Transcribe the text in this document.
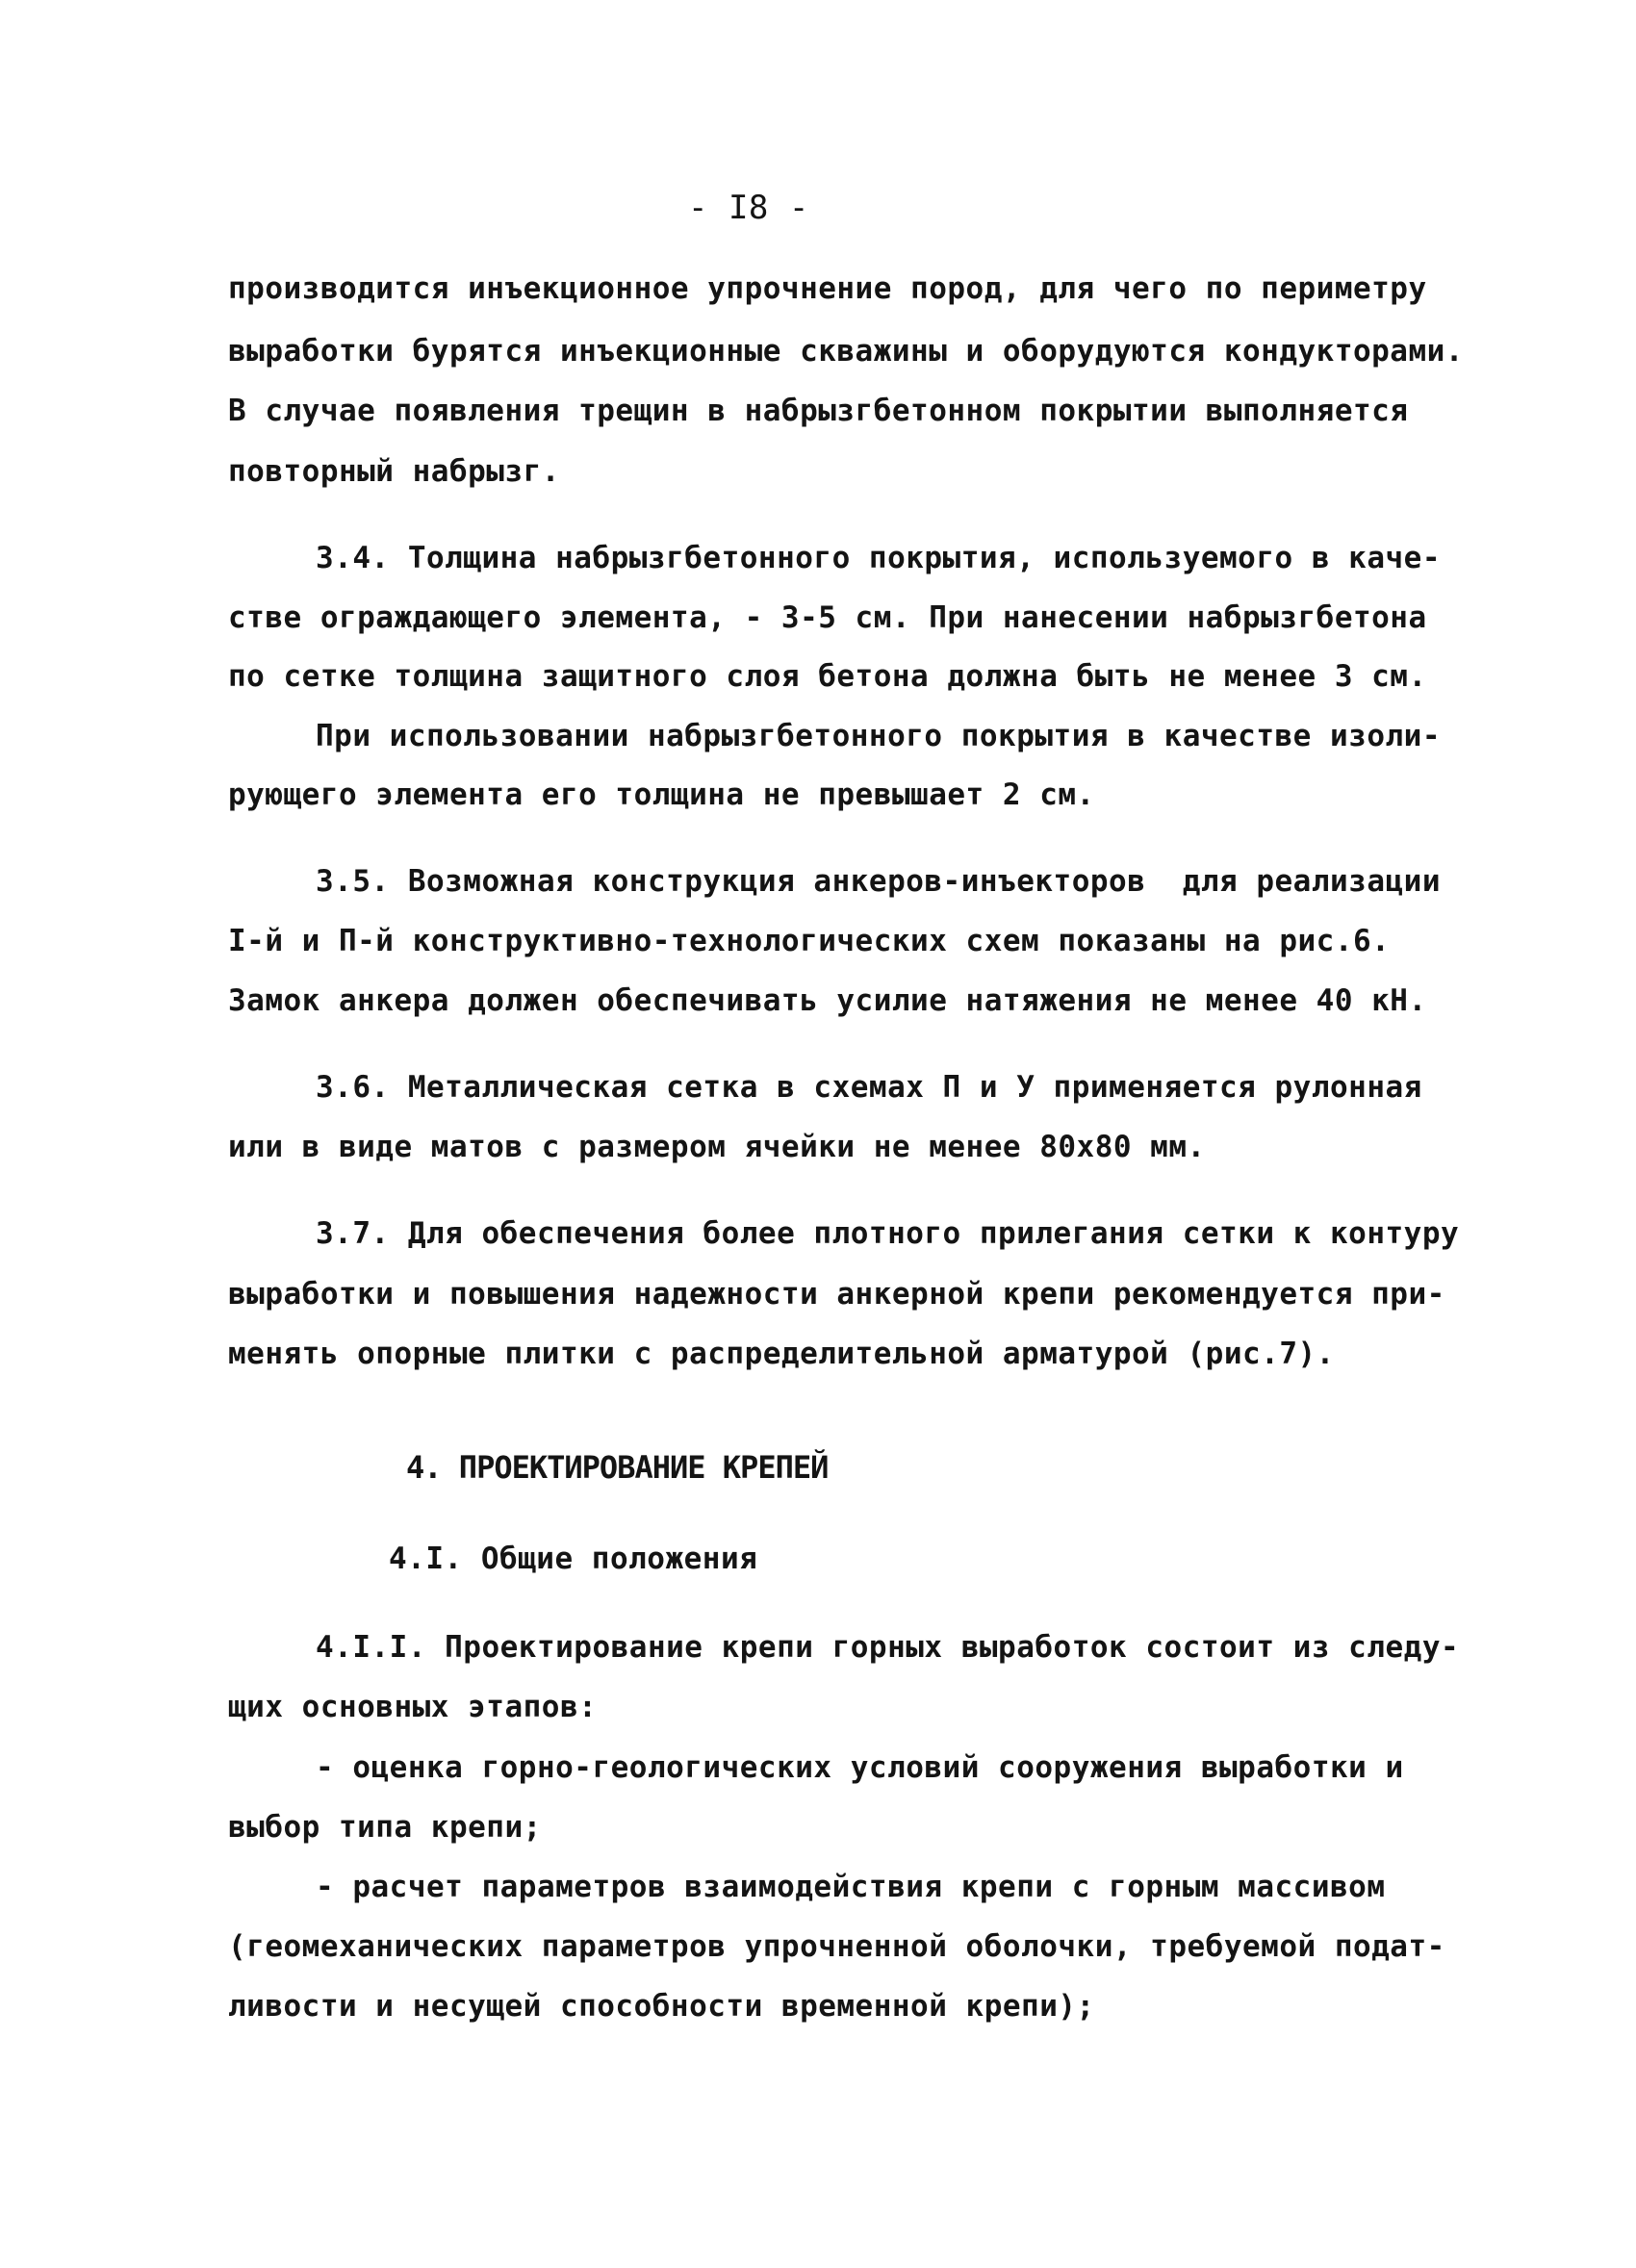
- I8 -
производится инъекционное упрочнение пород, для чего по периметру
выработки бурятся инъекционные скважины и оборудуются кондукторами.
В случае появления трещин в набрызгбетонном покрытии выполняется
повторный набрызг.
3.4. Толщина набрызгбетонного покрытия, используемого в каче-
стве ограждающего элемента, - 3-5 см. При нанесении набрызгбетона
по сетке толщина защитного слоя бетона должна быть не менее 3 см.
При использовании набрызгбетонного покрытия в качестве изоли-
рующего элемента его толщина не превышает 2 см.
3.5. Возможная конструкция анкеров-инъекторов  для реализации
I-й и П-й конструктивно-технологических схем показаны на рис.6.
Замок анкера должен обеспечивать усилие натяжения не менее 40 кН.
3.6. Металлическая сетка в схемах П и У применяется рулонная
или в виде матов с размером ячейки не менее 80х80 мм.
3.7. Для обеспечения более плотного прилегания сетки к контуру
выработки и повышения надежности анкерной крепи рекомендуется при-
менять опорные плитки с распределительной арматурой (рис.7).
4. ПРОЕКТИРОВАНИЕ КРЕПЕЙ
4.I. Общие положения
4.I.I. Проектирование крепи горных выработок состоит из следу-
щих основных этапов:
- оценка горно-геологических условий сооружения выработки и
выбор типа крепи;
- расчет параметров взаимодействия крепи с горным массивом
(геомеханических параметров упрочненной оболочки, требуемой подат-
ливости и несущей способности временной крепи);
